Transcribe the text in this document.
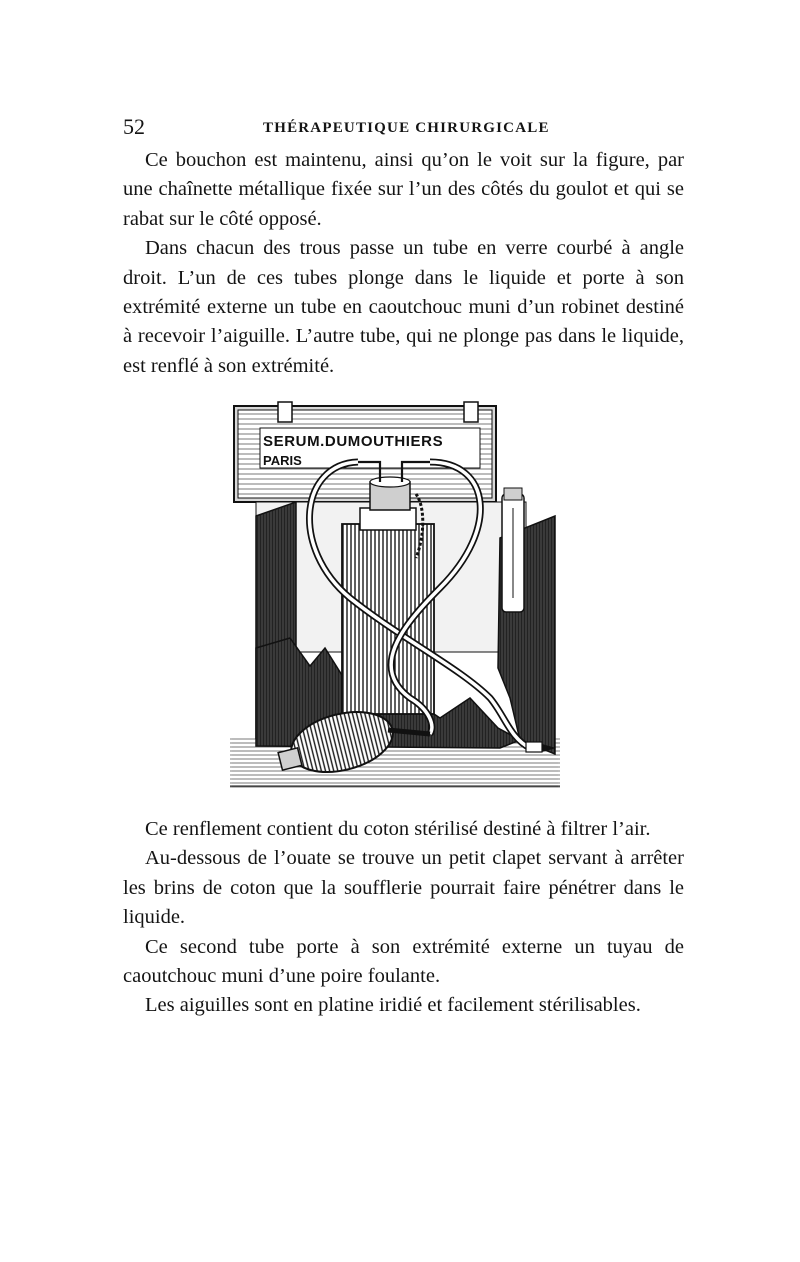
52	THÉRAPEUTIQUE CHIRURGICALE

Ce bouchon est maintenu, ainsi qu’on le voit sur la figure, par une chaînette métallique fixée sur l’un des côtés du goulot et qui se rabat sur le côté opposé.

Dans chacun des trous passe un tube en verre courbé à angle droit. L’un de ces tubes plonge dans le liquide et porte à son extrémité externe un tube en caoutchouc muni d’un robinet destiné à recevoir l’aiguille. L’autre tube, qui ne plonge pas dans le liquide, est renflé à son extrémité.

SERUM.DUMOUTHIERS
PARIS

Ce renflement contient du coton stérilisé destiné à filtrer l’air.

Au-dessous de l’ouate se trouve un petit clapet servant à arrêter les brins de coton que la soufflerie pourrait faire pénétrer dans le liquide.

Ce second tube porte à son extrémité externe un tuyau de caoutchouc muni d’une poire foulante.

Les aiguilles sont en platine iridié et facilement stérilisables.
